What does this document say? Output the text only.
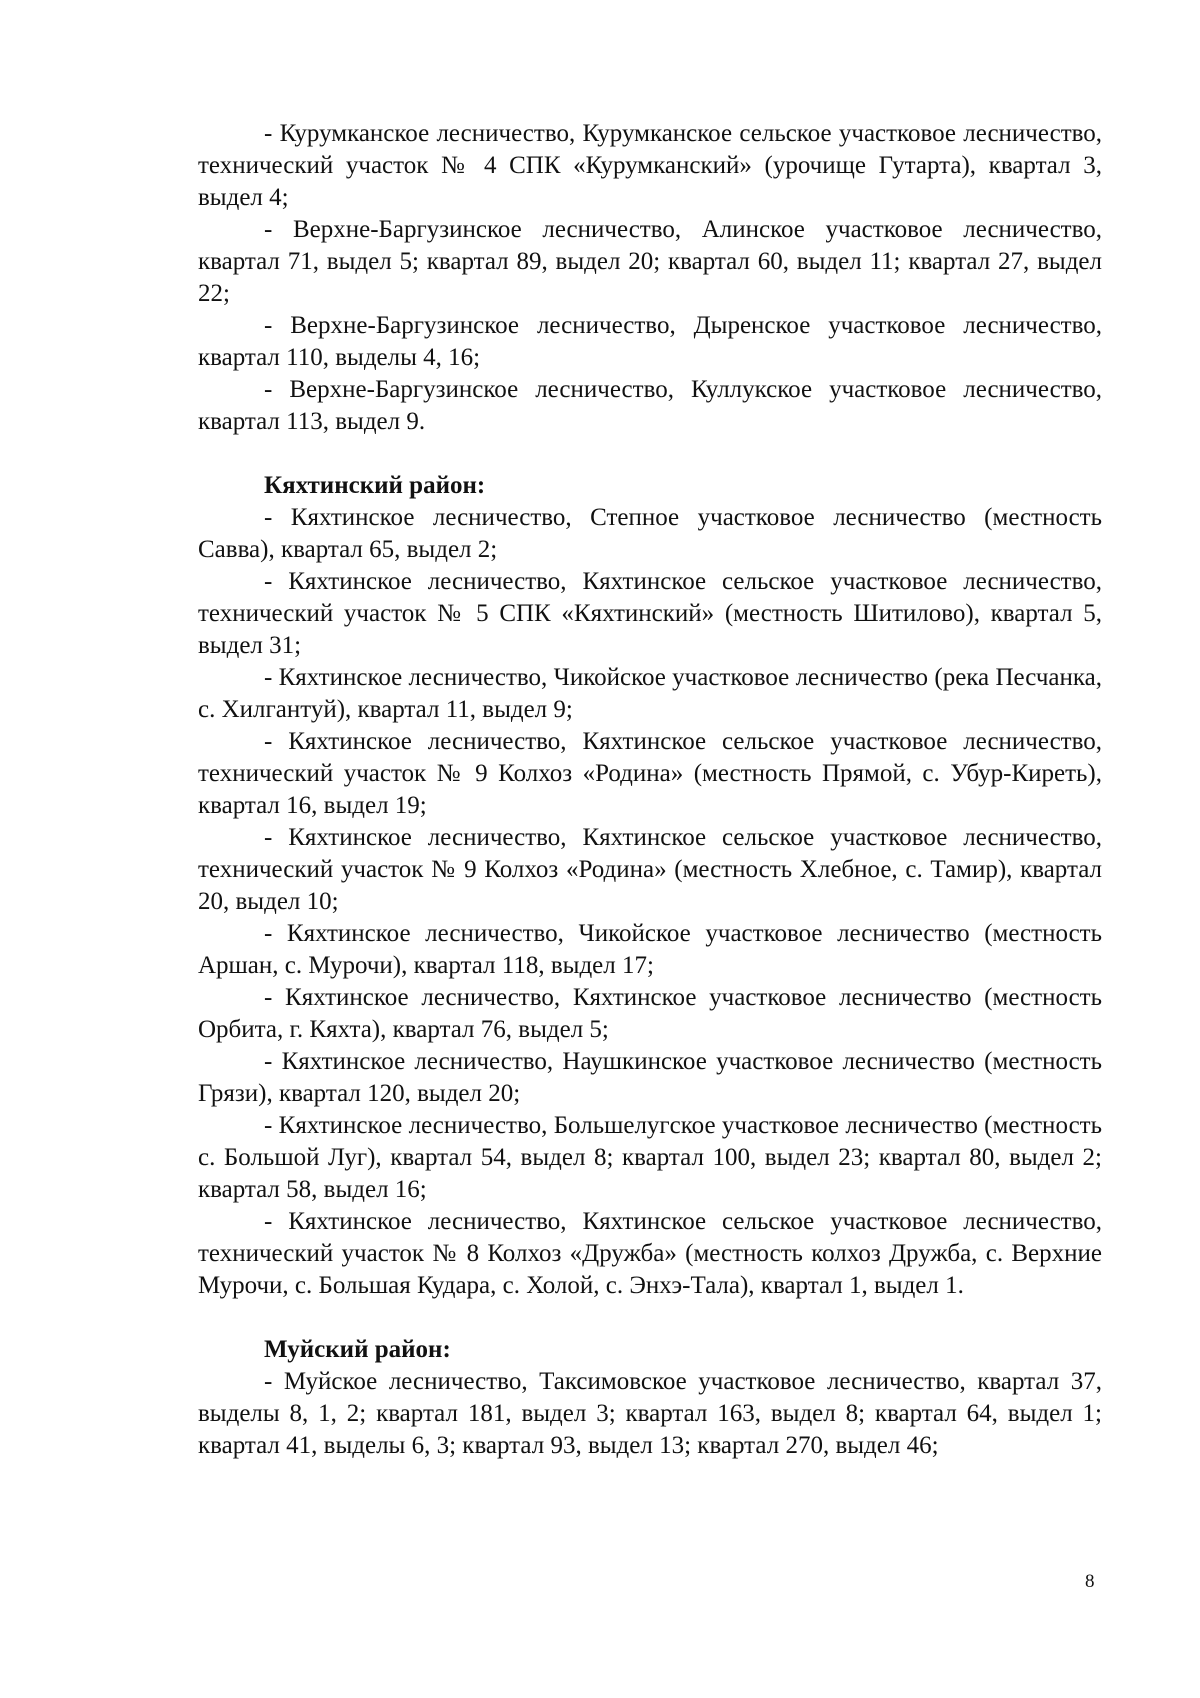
- Курумканское лесничество, Курумканское сельское участковое лесничество, технический участок № 4 СПК «Курумканский» (урочище Гутарта), квартал 3, выдел 4;

- Верхне-Баргузинское лесничество, Алинское участковое лесничество, квартал 71, выдел 5; квартал 89, выдел 20; квартал 60, выдел 11; квартал 27, выдел 22;

- Верхне-Баргузинское лесничество, Дыренское участковое лесничество, квартал 110, выделы 4, 16;

- Верхне-Баргузинское лесничество, Куллукское участковое лесничество, квартал 113, выдел 9.

Кяхтинский район:

- Кяхтинское лесничество, Степное участковое лесничество (местность Савва), квартал 65, выдел 2;

- Кяхтинское лесничество, Кяхтинское сельское участковое лесничество, технический участок № 5 СПК «Кяхтинский» (местность Шитилово), квартал 5, выдел 31;

- Кяхтинское лесничество, Чикойское участковое лесничество (река Песчанка, с. Хилгантуй), квартал 11, выдел 9;

- Кяхтинское лесничество, Кяхтинское сельское участковое лесничество, технический участок № 9 Колхоз «Родина» (местность Прямой, с. Убур-Киреть), квартал 16, выдел 19;

- Кяхтинское лесничество, Кяхтинское сельское участковое лесничество, технический участок № 9 Колхоз «Родина» (местность Хлебное, с. Тамир), квартал 20, выдел 10;

- Кяхтинское лесничество, Чикойское участковое лесничество (местность Аршан, с. Мурочи), квартал 118, выдел 17;

- Кяхтинское лесничество, Кяхтинское участковое лесничество (местность Орбита, г. Кяхта), квартал 76, выдел 5;

- Кяхтинское лесничество, Наушкинское участковое лесничество (местность Грязи), квартал 120, выдел 20;

- Кяхтинское лесничество, Большелугское участковое лесничество (местность с. Большой Луг), квартал 54, выдел 8; квартал 100, выдел 23; квартал 80, выдел 2; квартал 58, выдел 16;

- Кяхтинское лесничество, Кяхтинское сельское участковое лесничество, технический участок № 8 Колхоз «Дружба» (местность колхоз Дружба, с. Верхние Мурочи, с. Большая Кудара, с. Холой, с. Энхэ-Тала), квартал 1, выдел 1.

Муйский район:

- Муйское лесничество, Таксимовское участковое лесничество, квартал 37, выделы 8, 1, 2; квартал 181, выдел 3; квартал 163, выдел 8; квартал 64, выдел 1; квартал 41, выделы 6, 3; квартал 93, выдел 13; квартал 270, выдел 46;

8
